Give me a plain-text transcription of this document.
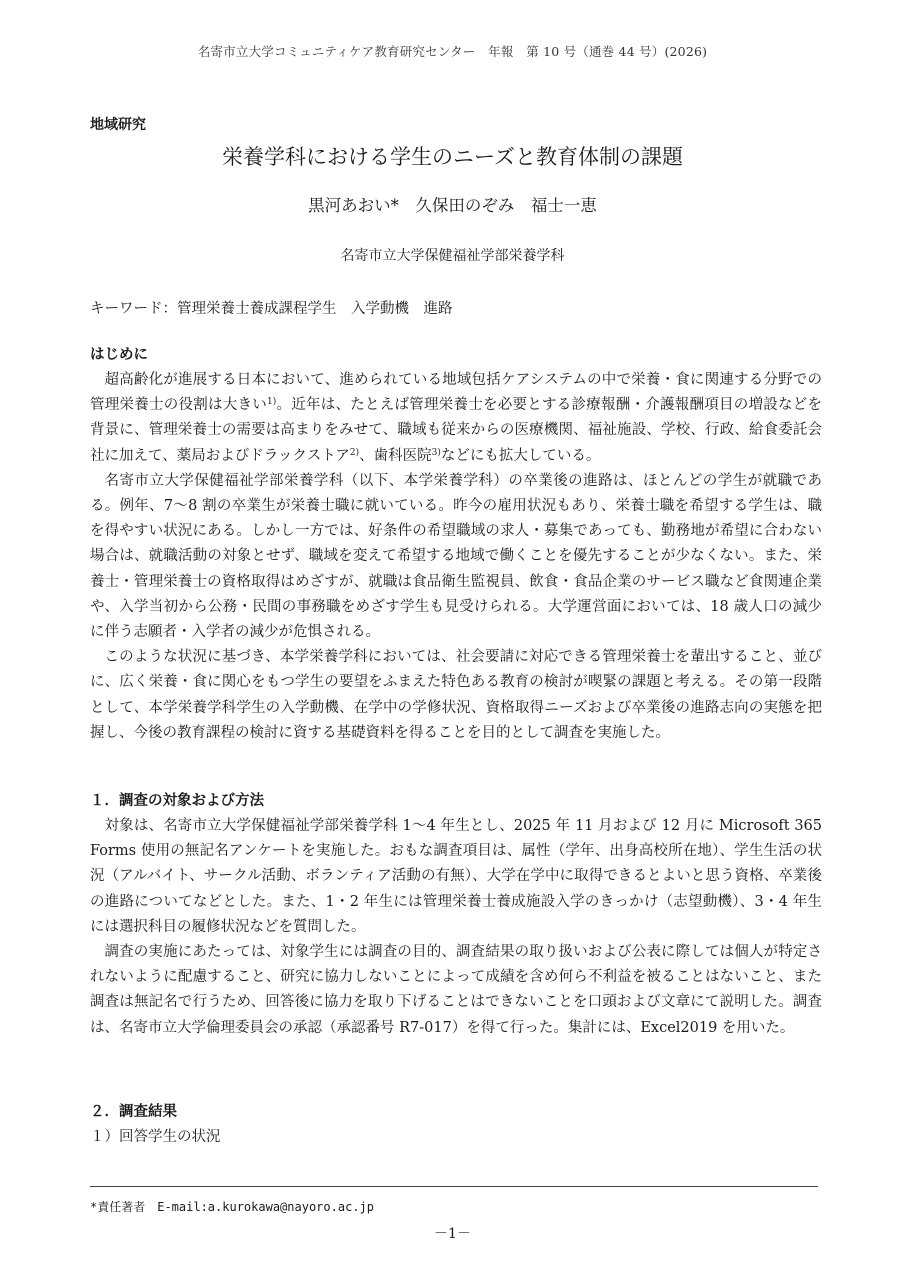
名寄市立大学コミュニティケア教育研究センター　年報　第 10 号（通巻 44 号）(2026)
地域研究
栄養学科における学生のニーズと教育体制の課題
黒河あおい*　久保田のぞみ　福士一恵
名寄市立大学保健福祉学部栄養学科
キーワード：管理栄養士養成課程学生　入学動機　進路
はじめに

超高齢化が進展する日本において、進められている地域包括ケアシステムの中で栄養・食に関連する分野での管理栄養士の役割は大きい$^{1)}$。近年は、たとえば管理栄養士を必要とする診療報酬・介護報酬項目の増設などを背景に、管理栄養士の需要は高まりをみせて、職域も従来からの医療機関、福祉施設、学校、行政、給食委託会社に加えて、薬局およびドラックストア$^{2)}$、歯科医院$^{3)}$などにも拡大している。

名寄市立大学保健福祉学部栄養学科（以下、本学栄養学科）の卒業後の進路は、ほとんどの学生が就職である。例年、7〜8 割の卒業生が栄養士職に就いている。昨今の雇用状況もあり、栄養士職を希望する学生は、職を得やすい状況にある。しかし一方では、好条件の希望職域の求人・募集であっても、勤務地が希望に合わない場合は、就職活動の対象とせず、職域を変えて希望する地域で働くことを優先することが少なくない。また、栄養士・管理栄養士の資格取得はめざすが、就職は食品衛生監視員、飲食・食品企業のサービス職など食関連企業や、入学当初から公務・民間の事務職をめざす学生も見受けられる。大学運営面においては、18 歳人口の減少に伴う志願者・入学者の減少が危惧される。

このような状況に基づき、本学栄養学科においては、社会要請に対応できる管理栄養士を輩出すること、並びに、広く栄養・食に関心をもつ学生の要望をふまえた特色ある教育の検討が喫緊の課題と考える。その第一段階として、本学栄養学科学生の入学動機、在学中の学修状況、資格取得ニーズおよび卒業後の進路志向の実態を把握し、今後の教育課程の検討に資する基礎資料を得ることを目的として調査を実施した。

１．調査の対象および方法

対象は、名寄市立大学保健福祉学部栄養学科 1〜4 年生とし、2025 年 11 月および 12 月に Microsoft 365 Forms 使用の無記名アンケートを実施した。おもな調査項目は、属性（学年、出身高校所在地）、学生生活の状況（アルバイト、サークル活動、ボランティア活動の有無）、大学在学中に取得できるとよいと思う資格、卒業後の進路についてなどとした。また、1・2 年生には管理栄養士養成施設入学のきっかけ（志望動機）、3・4 年生には選択科目の履修状況などを質問した。

調査の実施にあたっては、対象学生には調査の目的、調査結果の取り扱いおよび公表に際しては個人が特定されないように配慮すること、研究に協力しないことによって成績を含め何ら不利益を被ることはないこと、また調査は無記名で行うため、回答後に協力を取り下げることはできないことを口頭および文章にて説明した。調査は、名寄市立大学倫理委員会の承認（承認番号 R7-017）を得て行った。集計には、Excel2019 を用いた。

２．調査結果
１）回答学生の状況
*責任著者　E-mail:a.kurokawa@nayoro.ac.jp
－1－
